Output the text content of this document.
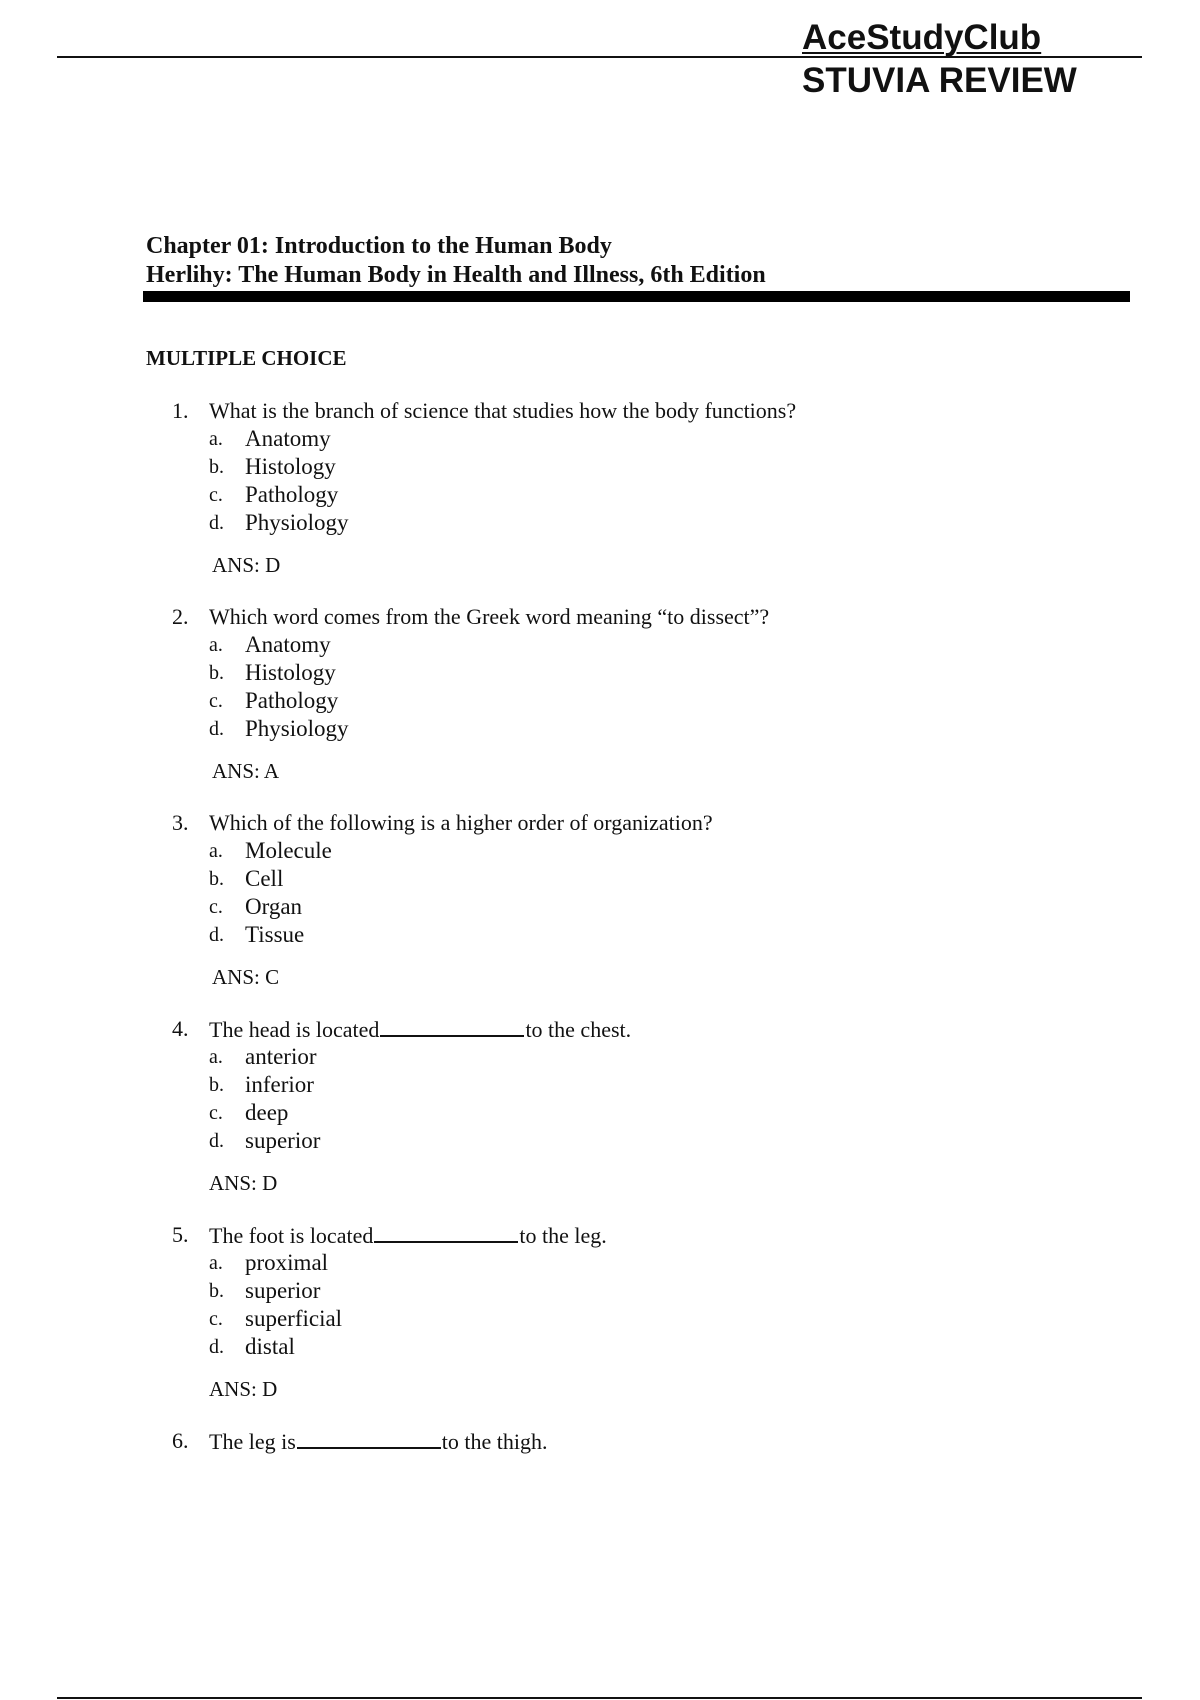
AceStudyClub
STUVIA REVIEW
Chapter 01: Introduction to the Human Body
Herlihy: The Human Body in Health and Illness, 6th Edition
MULTIPLE CHOICE
1. What is the branch of science that studies how the body functions?
a. Anatomy
b. Histology
c. Pathology
d. Physiology
ANS: D
2. Which word comes from the Greek word meaning “to dissect”?
a. Anatomy
b. Histology
c. Pathology
d. Physiology
ANS: A
3. Which of the following is a higher order of organization?
a. Molecule
b. Cell
c. Organ
d. Tissue
ANS: C
4. The head is located	to the chest.
a. anterior
b. inferior
c. deep
d. superior
ANS: D
5. The foot is located	to the leg.
a. proximal
b. superior
c. superficial
d. distal
ANS: D
6. The leg is	to the thigh.
